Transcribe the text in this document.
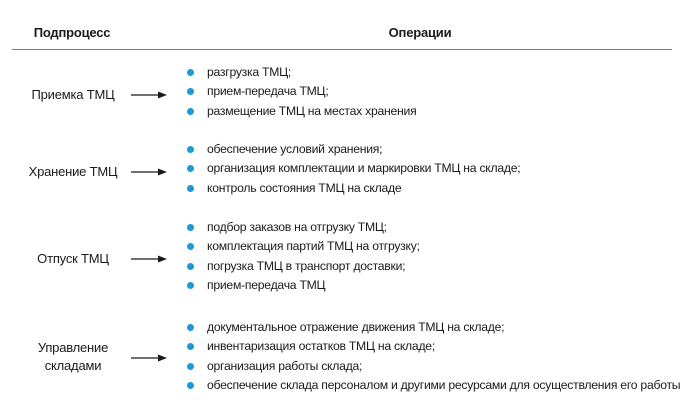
Подпроцесс	Операции
Приемка ТМЦ
разгрузка ТМЦ;
прием-передача ТМЦ;
размещение ТМЦ на местах хранения
Хранение ТМЦ
обеспечение условий хранения;
организация комплектации и маркировки ТМЦ на складе;
контроль состояния ТМЦ на складе
Отпуск ТМЦ
подбор заказов на отгрузку ТМЦ;
комплектация партий ТМЦ на отгрузку;
погрузка ТМЦ в транспорт доставки;
прием-передача ТМЦ
Управление
складами
документальное отражение движения ТМЦ на складе;
инвентаризация остатков ТМЦ на складе;
организация работы склада;
обеспечение склада персоналом и другими ресурсами для осуществления его работы
